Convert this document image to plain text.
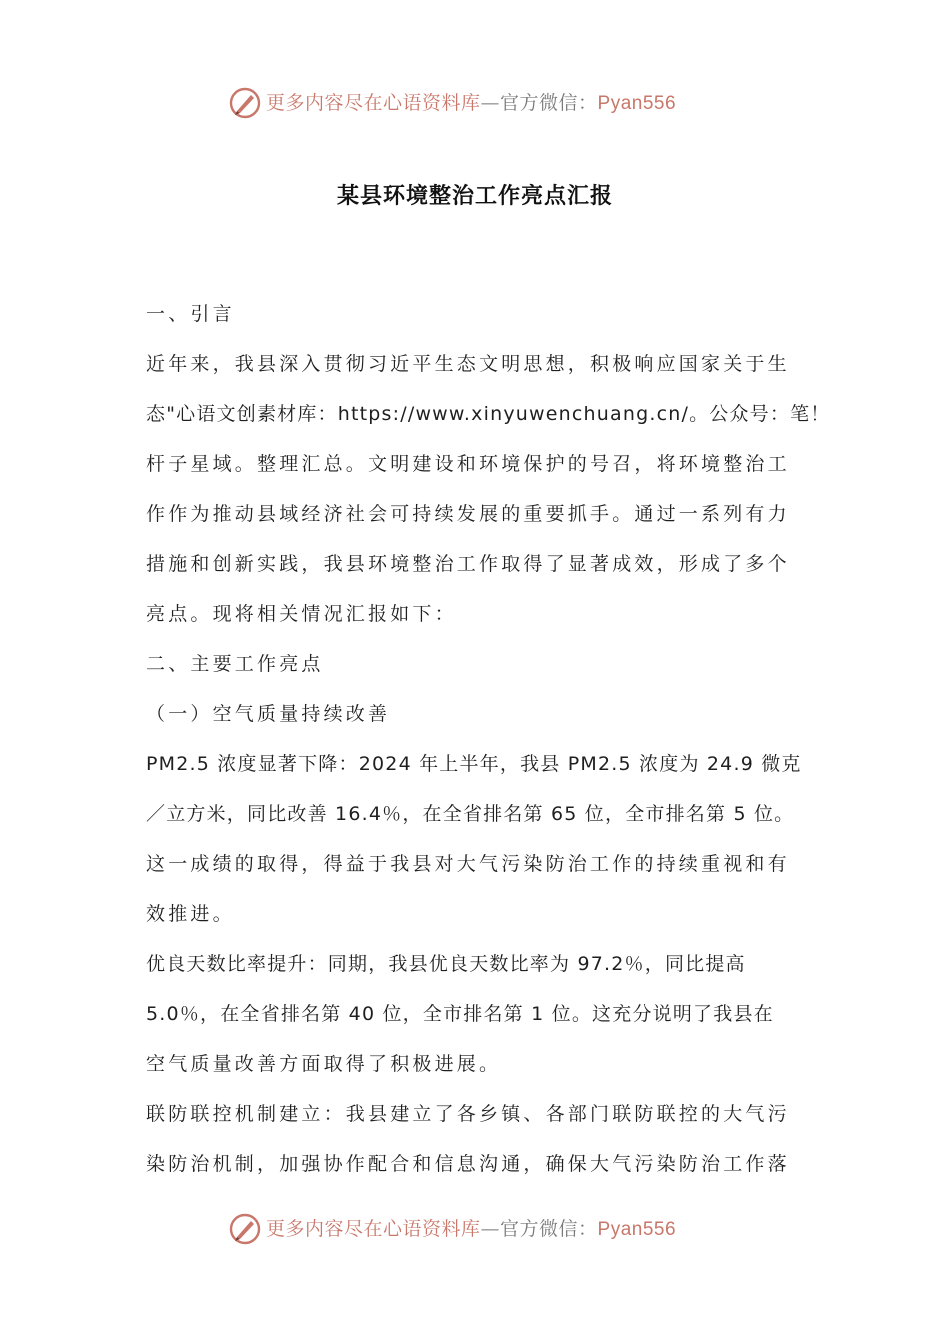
更多内容尽在心语资料库—官方微信：Pyan556
某县环境整治工作亮点汇报
一、引言
近年来，我县深入贯彻习近平生态文明思想，积极响应国家关于生
态"心语文创素材库：https://www.xinyuwenchuang.cn/。公众号：笔！
杆子星域。整理汇总。文明建设和环境保护的号召，将环境整治工
作作为推动县域经济社会可持续发展的重要抓手。通过一系列有力
措施和创新实践，我县环境整治工作取得了显著成效，形成了多个
亮点。现将相关情况汇报如下：
二、主要工作亮点
（一）空气质量持续改善
PM2.5 浓度显著下降：2024 年上半年，我县 PM2.5 浓度为 24.9 微克
／立方米，同比改善 16.4％，在全省排名第 65 位，全市排名第 5 位。
这一成绩的取得，得益于我县对大气污染防治工作的持续重视和有
效推进。
优良天数比率提升：同期，我县优良天数比率为 97.2％，同比提高
5.0％，在全省排名第 40 位，全市排名第 1 位。这充分说明了我县在
空气质量改善方面取得了积极进展。
联防联控机制建立：我县建立了各乡镇、各部门联防联控的大气污
染防治机制，加强协作配合和信息沟通，确保大气污染防治工作落
更多内容尽在心语资料库—官方微信：Pyan556
